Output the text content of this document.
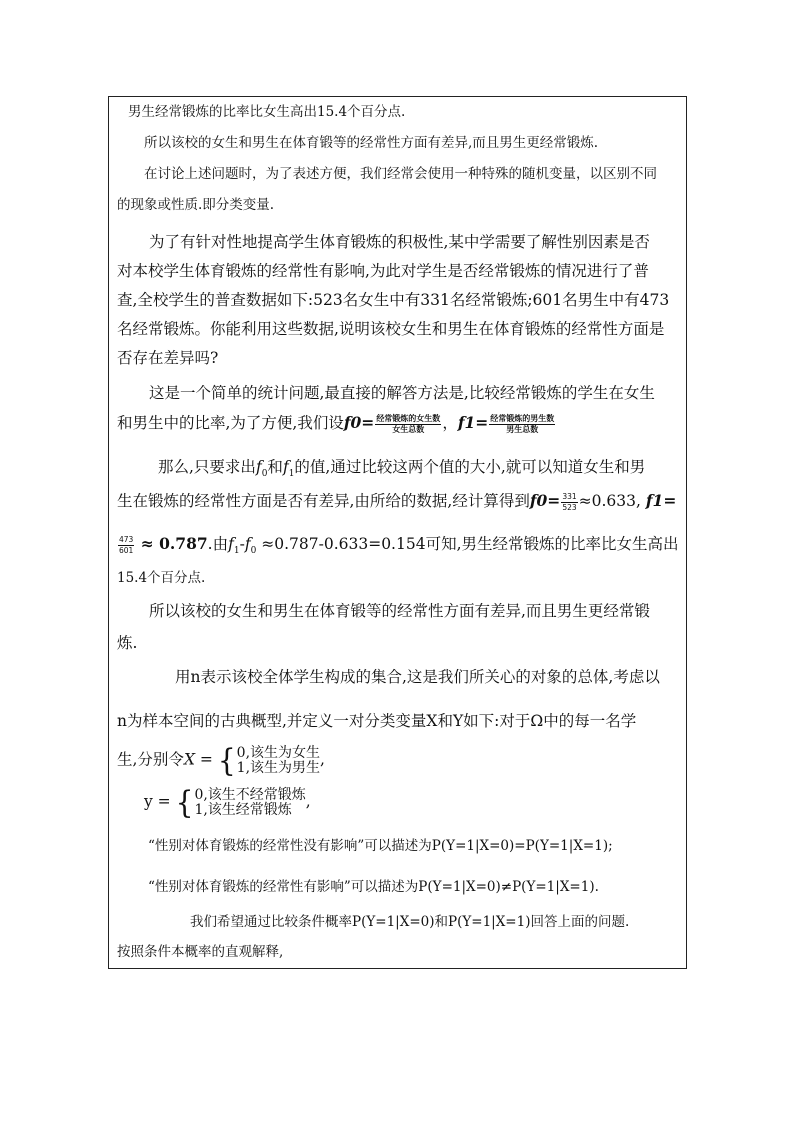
男生经常锻炼的比率比女生高出15.4个百分点.
所以该校的女生和男生在体育锻等的经常性方面有差异,而且男生更经常锻炼.
在讨论上述问题时，为了表述方便，我们经常会使用一种特殊的随机变量，以区别不同
的现象或性质.即分类变量.
为了有针对性地提高学生体育锻炼的积极性,某中学需要了解性别因素是否
对本校学生体育锻炼的经常性有影响,为此对学生是否经常锻炼的情况进行了普
查,全校学生的普查数据如下:523名女生中有331名经常锻炼;601名男生中有473
名经常锻炼。你能利用这些数据,说明该校女生和男生在体育锻炼的经常性方面是
否存在差异吗?
这是一个简单的统计问题,最直接的解答方法是,比较经常锻炼的学生在女生
和男生中的比率,为了方便,我们设$f0= \frac{\text{经常锻炼的女生数}}{\text{女生总数}}$ ，$f1= \frac{\text{经常锻炼的男生数}}{\text{男生总数}}$
那么,只要求出$f_0$和$f_1$的值,通过比较这两个值的大小,就可以知道女生和男
生在锻炼的经常性方面是否有差异,由所给的数据,经计算得到$f0= \frac{331}{523} \approx 0.633$, f1=
$\frac{473}{601} \approx 0.787$.由$f_1-f_0 \approx 0.787-0.633=0.154$可知,男生经常锻炼的比率比女生高出
15.4个百分点.
所以该校的女生和男生在体育锻等的经常性方面有差异,而且男生更经常锻
炼.
用n表示该校全体学生构成的集合,这是我们所关心的对象的总体,考虑以
n为样本空间的古典概型,并定义一对分类变量X和Y如下:对于Ω中的每一名学
生,分别令X = {0,该生为女生
1,该生为男生,
y = {0,该生不经常锻炼
1,该生经常锻炼 ,
“性别对体育锻炼的经常性没有影响”可以描述为P(Y=1|X=0)=P(Y=1|X=1);
“性别对体育锻炼的经常性有影响”可以描述为P(Y=1|X=0)≠P(Y=1|X=1).
我们希望通过比较条件概率P(Y=1|X=0)和P(Y=1|X=1)回答上面的问题.
按照条件本概率的直观解释,
